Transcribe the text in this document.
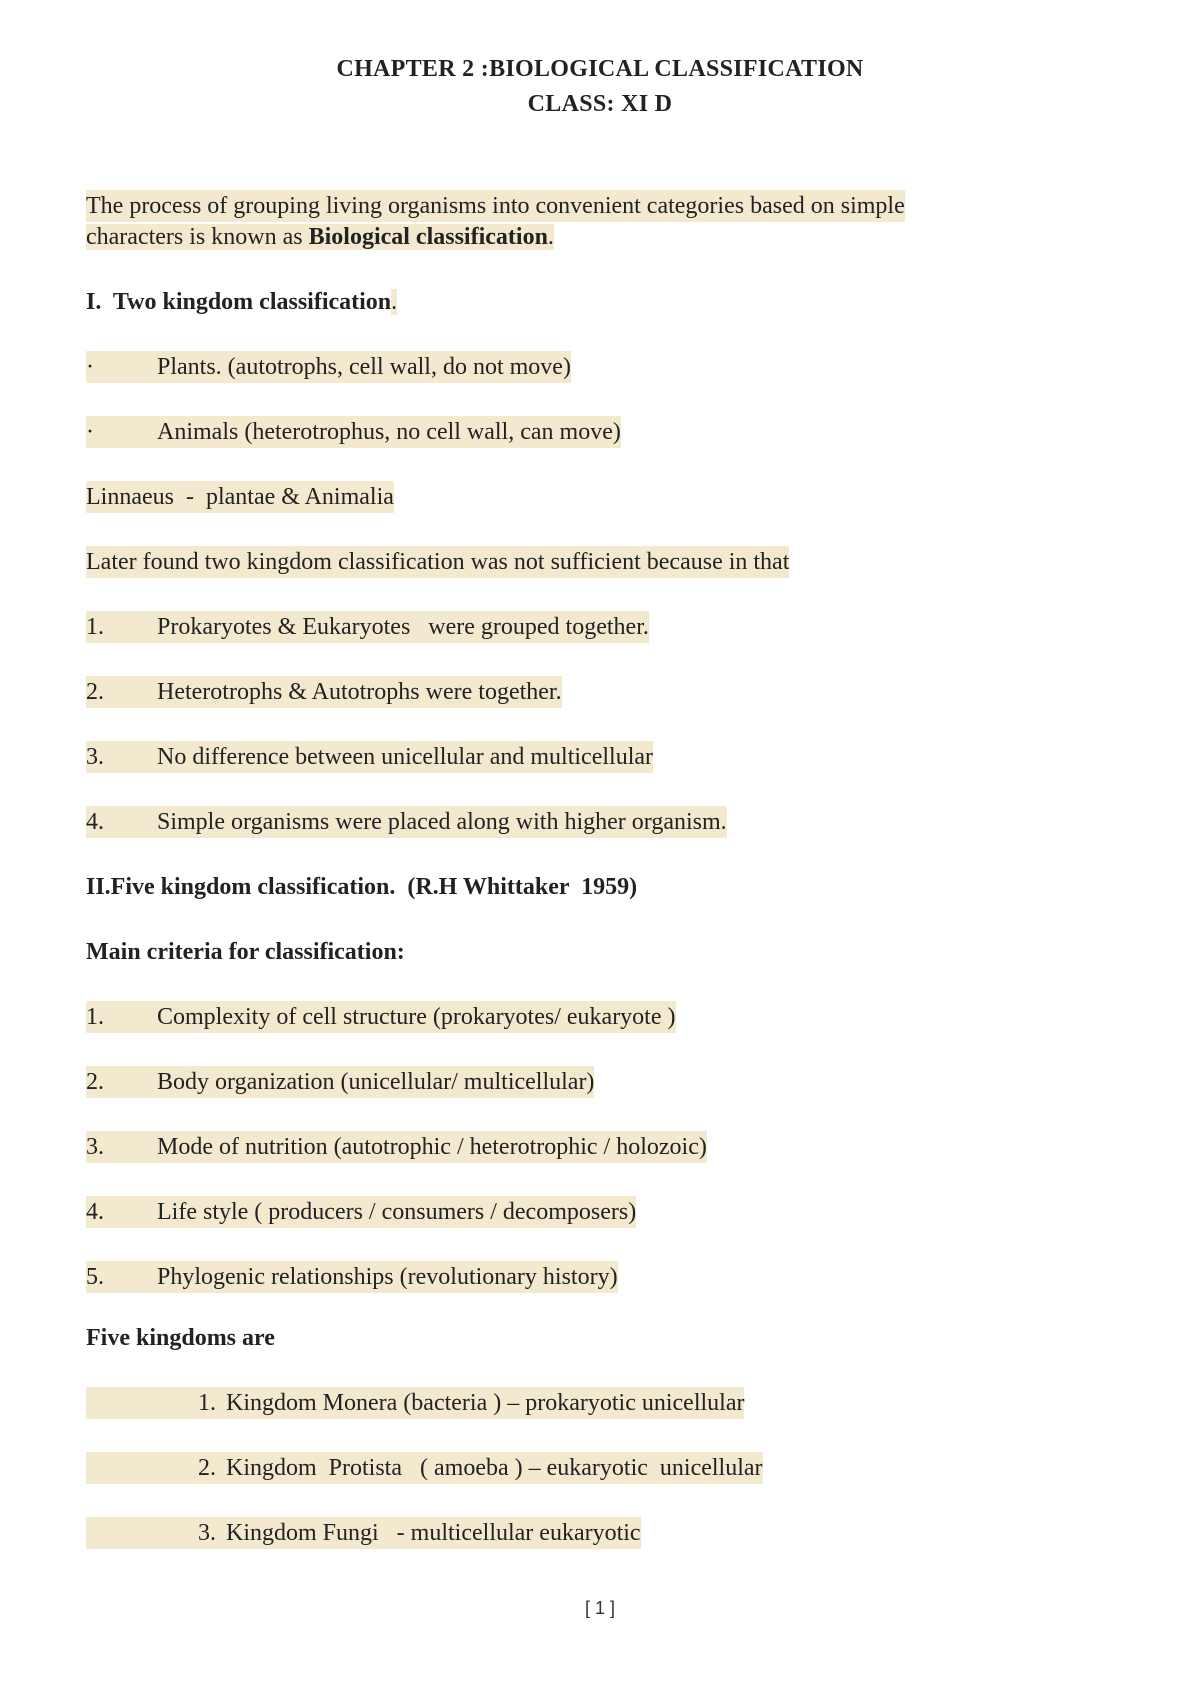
CHAPTER 2 :BIOLOGICAL CLASSIFICATION
CLASS: XI D
The process of grouping living organisms into convenient categories based on simple
characters is known as Biological classification.
I.  Two kingdom classification.
·	Plants. (autotrophs, cell wall, do not move)
·	Animals (heterotrophus, no cell wall, can move)
Linnaeus  -  plantae & Animalia
Later found two kingdom classification was not sufficient because in that
1. Prokaryotes & Eukaryotes   were grouped together.
2. Heterotrophs & Autotrophs were together.
3. No difference between unicellular and multicellular
4. Simple organisms were placed along with higher organism.
II.Five kingdom classification.  (R.H Whittaker  1959)
Main criteria for classification:
1. Complexity of cell structure (prokaryotes/ eukaryote )
2. Body organization (unicellular/ multicellular)
3. Mode of nutrition (autotrophic / heterotrophic / holozoic)
4. Life style ( producers / consumers / decomposers)
5. Phylogenic relationships (revolutionary history)
Five kingdoms are
1. Kingdom Monera (bacteria ) – prokaryotic unicellular
2. Kingdom  Protista   ( amoeba ) – eukaryotic  unicellular
3. Kingdom Fungi   - multicellular eukaryotic
[ 1 ]
